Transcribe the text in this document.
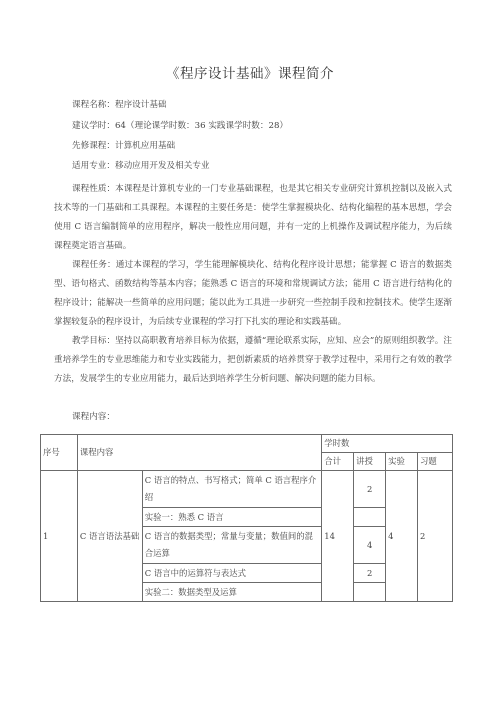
《程序设计基础》课程简介
课程名称：程序设计基础
建议学时：64（理论课学时数：36 实践课学时数：28）
先修课程：计算机应用基础
适用专业：移动应用开发及相关专业

课程性质：本课程是计算机专业的一门专业基础课程，也是其它相关专业研究计算机控制以及嵌入式技术等的一门基础和工具课程。本课程的主要任务是：使学生掌握模块化、结构化编程的基本思想，学会使用 C 语言编制简单的应用程序，解决一般性应用问题，并有一定的上机操作及调试程序能力，为后续课程奠定语言基础。

课程任务：通过本课程的学习，学生能理解模块化、结构化程序设计思想；能掌握 C 语言的数据类型、语句格式、函数结构等基本内容；能熟悉 C 语言的环境和常规调试方法；能用 C 语言进行结构化的程序设计；能解决一些简单的应用问题；能以此为工具进一步研究一些控制手段和控制技术。使学生逐渐掌握较复杂的程序设计，为后续专业课程的学习打下扎实的理论和实践基础。

教学目标：坚持以高职教育培养目标为依据，遵循“理论联系实际，应知、应会”的原则组织教学。注重培养学生的专业思维能力和专业实践能力，把创新素质的培养贯穿于教学过程中，采用行之有效的教学方法，发展学生的专业应用能力，最后达到培养学生分析问题、解决问题的能力目标。

课程内容：

序号	课程内容		学时数			
			合计	讲授	实验	习题
1	C 语言语法基础	C 语言的特点、书写格式；简单 C 语言程序介绍	14	2	4	2
		实验一：熟悉 C 语言				
		C 语言的数据类型；常量与变量；数值间的混合运算		4		
		C 语言中的运算符与表达式		2		
		实验二：数据类型及运算				
